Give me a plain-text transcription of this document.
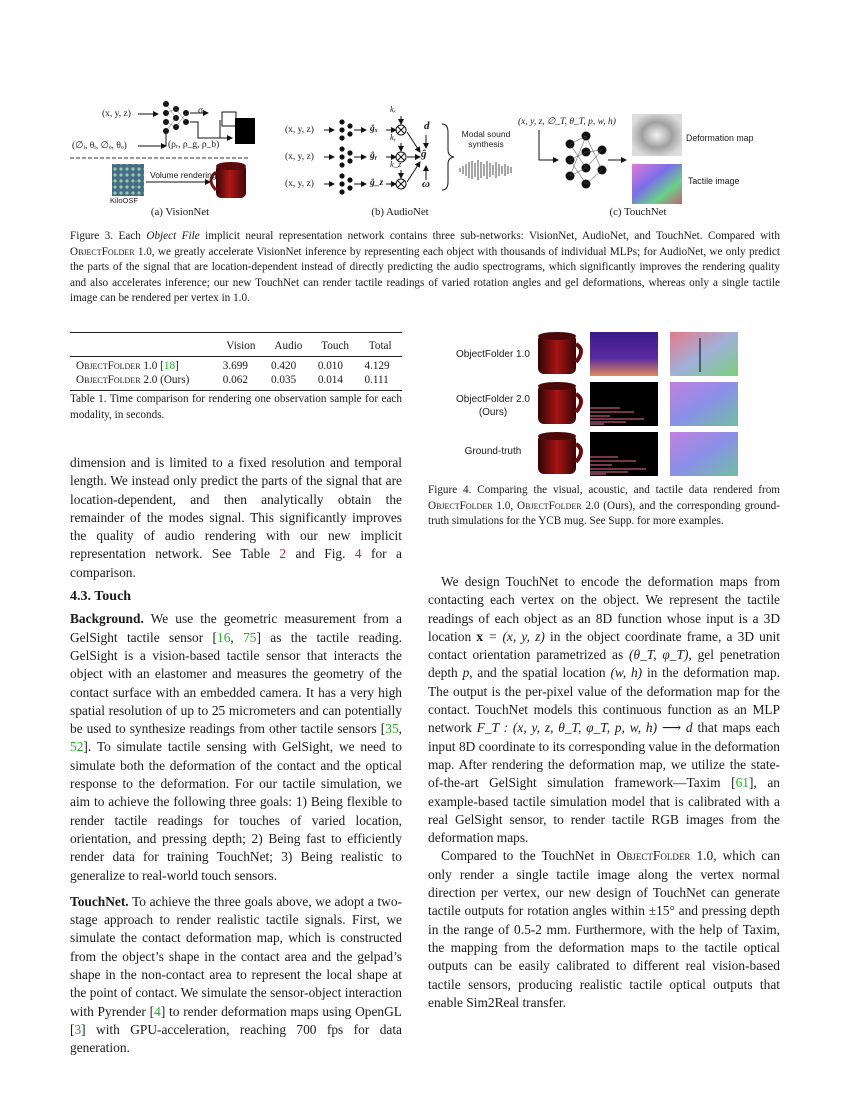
(x, y, z)	σ
(∅ᵢ, θᵢ, ∅ₒ, θₒ)	(ρᵣ, ρ_g, ρ_b)
Volume rendering
KiloOSF
(x, y, z)
(x, y, z)
(x, y, z)
ĝₓ
ĝᵧ
ĝ_z
kₓ
kᵧ
k_z
d
ĝ
ω
Modal sound
synthesis
(x, y, z, ∅_T, θ_T, p, w, h)
Deformation map
Tactile image
(a) VisionNet	(b) AudioNet	(c) TouchNet
Figure 3. Each Object File implicit neural representation network contains three sub-networks: VisionNet, AudioNet, and TouchNet. Compared with ObjectFolder 1.0, we greatly accelerate VisionNet inference by representing each object with thousands of individual MLPs; for AudioNet, we only predict the parts of the signal that are location-dependent instead of directly predicting the audio spectrograms, which significantly improves the rendering quality and also accelerates inference; our new TouchNet can render tactile readings of varied rotation angles and gel deformations, whereas only a single tactile image can be rendered per vertex in 1.0.
	Vision	Audio	Touch	Total

ObjectFolder 1.0 [18]	3.699	0.420	0.010	4.129
ObjectFolder 2.0 (Ours)	0.062	0.035	0.014	0.111
Table 1. Time comparison for rendering one observation sample for each modality, in seconds.
ObjectFolder 1.0
ObjectFolder 2.0
(Ours)
Ground-truth
Figure 4. Comparing the visual, acoustic, and tactile data rendered from ObjectFolder 1.0, ObjectFolder 2.0 (Ours), and the corresponding ground-truth simulations for the YCB mug. See Supp. for more examples.

dimension and is limited to a fixed resolution and temporal length. We instead only predict the parts of the signal that are location-dependent, and then analytically obtain the remainder of the modes signal. This significantly improves the quality of audio rendering with our new implicit representation network. See Table 2 and Fig. 4 for a comparison.

4.3. Touch

Background. We use the geometric measurement from a GelSight tactile sensor [16, 75] as the tactile reading. GelSight is a vision-based tactile sensor that interacts the object with an elastomer and measures the geometry of the contact surface with an embedded camera. It has a very high spatial resolution of up to 25 micrometers and can potentially be used to synthesize readings from other tactile sensors [35, 52]. To simulate tactile sensing with GelSight, we need to simulate both the deformation of the contact and the optical response to the deformation. For our tactile simulation, we aim to achieve the following three goals: 1) Being flexible to render tactile readings for touches of varied location, orientation, and pressing depth; 2) Being fast to efficiently render data for training TouchNet; 3) Being realistic to generalize to real-world touch sensors.

TouchNet. To achieve the three goals above, we adopt a two-stage approach to render realistic tactile signals. First, we simulate the contact deformation map, which is constructed from the object’s shape in the contact area and the gelpad’s shape in the non-contact area to represent the local shape at the point of contact. We simulate the sensor-object interaction with Pyrender [4] to render deformation maps using OpenGL [3] with GPU-acceleration, reaching 700 fps for data generation.

We design TouchNet to encode the deformation maps from contacting each vertex on the object. We represent the tactile readings of each object as an 8D function whose input is a 3D location x = (x, y, z) in the object coordinate frame, a 3D unit contact orientation parametrized as (θ_T, φ_T), gel penetration depth p, and the spatial location (w, h) in the deformation map. The output is the per-pixel value of the deformation map for the contact. TouchNet models this continuous function as an MLP network F_T : (x, y, z, θ_T, φ_T, p, w, h) ⟶ d that maps each input 8D coordinate to its corresponding value in the deformation map. After rendering the deformation map, we utilize the state-of-the-art GelSight simulation framework—Taxim [61], an example-based tactile simulation model that is calibrated with a real GelSight sensor, to render tactile RGB images from the deformation maps.

Compared to the TouchNet in ObjectFolder 1.0, which can only render a single tactile image along the vertex normal direction per vertex, our new design of TouchNet can generate tactile outputs for rotation angles within ±15° and pressing depth in the range of 0.5-2 mm. Furthermore, with the help of Taxim, the mapping from the deformation maps to the tactile optical outputs can be easily calibrated to different real vision-based tactile sensors, producing realistic tactile optical outputs that enable Sim2Real transfer.
